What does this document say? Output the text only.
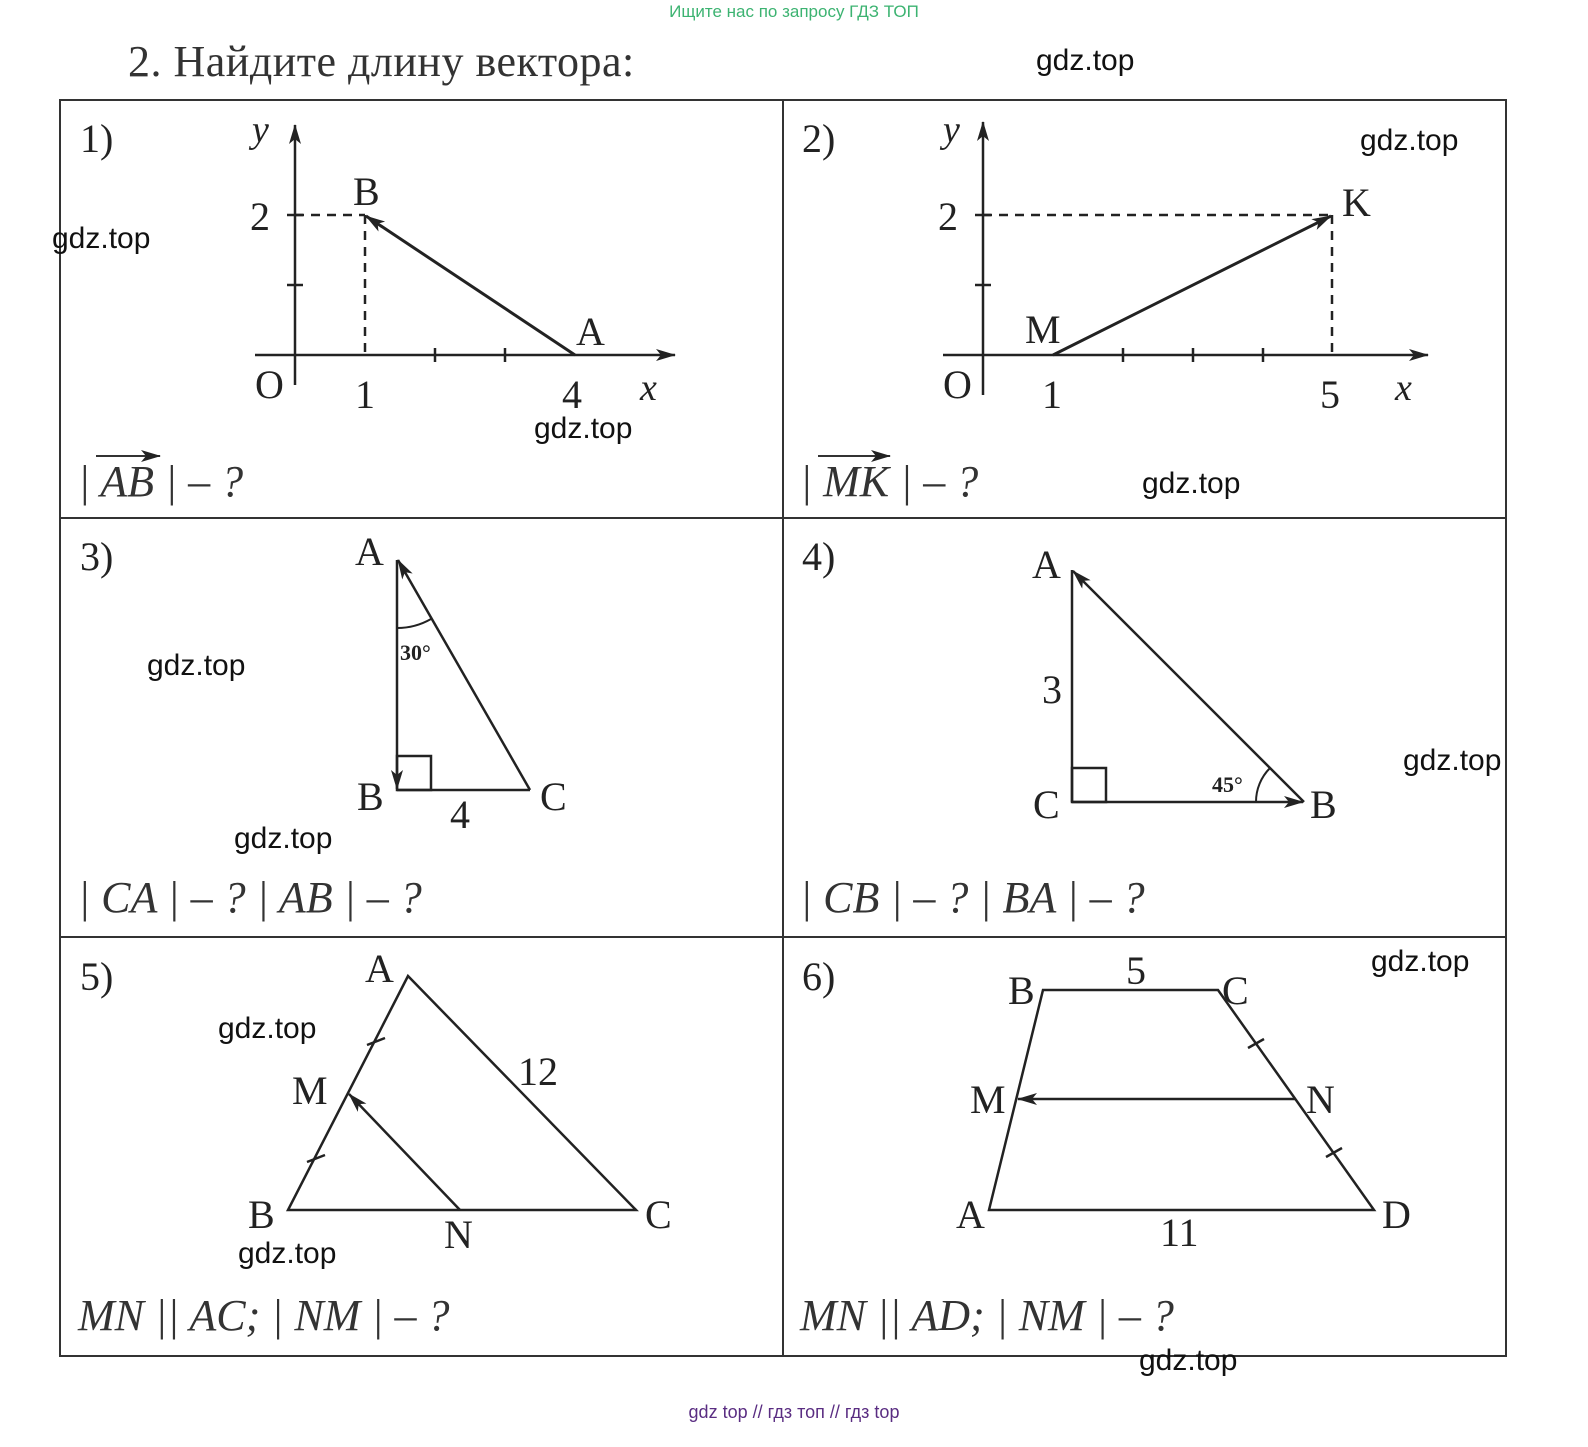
Ищите нас по запросу ГДЗ ТОП
2. Найдите длину вектора:
1)	y
x
O
2
1	4
B
A
| AB | – ?
2)	y
x
O
2
1	5
M
K
| MK | – ?
3)
30°
A
B	C
4
| CA | – ? | AB | – ?
4)
45°
A
C	B
3
| CB | – ? | BA | – ?
5)	A
M
B	N	C
12
MN || AC; | NM | – ?
6)	B	C
M	N
A	D
5
11
MN || AD; | NM | – ?
gdz.top
gdz.top
gdz.top
gdz.top
gdz.top
gdz.top
gdz.top
gdz.top
gdz.top
gdz.top
gdz.top
gdz.top
gdz top // гдз топ // гдз top
